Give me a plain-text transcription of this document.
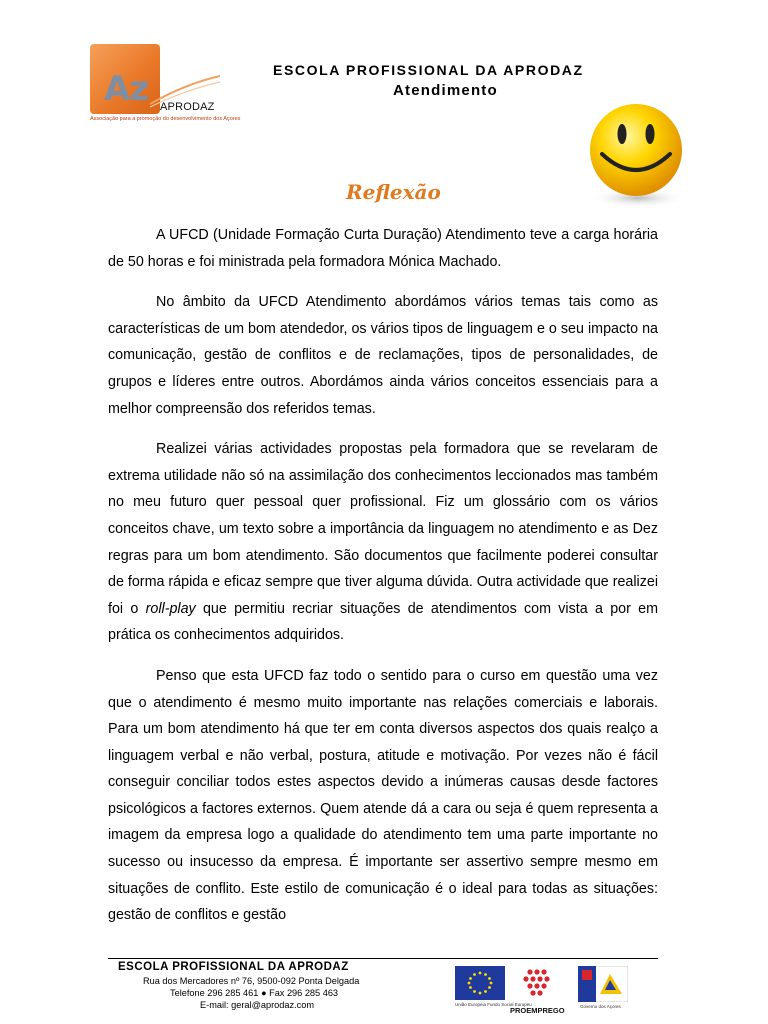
Az APRODAZ
Associação para a promoção do desenvolvimento dos Açores
ESCOLA PROFISSIONAL DA APRODAZ
Atendimento
Reflexão

A UFCD (Unidade Formação Curta Duração) Atendimento teve a carga horária de 50 horas e foi ministrada pela formadora Mónica Machado.

No âmbito da UFCD Atendimento abordámos vários temas tais como as características de um bom atendedor, os vários tipos de linguagem e o seu impacto na comunicação, gestão de conflitos e de reclamações, tipos de personalidades, de grupos e líderes entre outros. Abordámos ainda vários conceitos essenciais para a melhor compreensão dos referidos temas.

Realizei várias actividades propostas pela formadora que se revelaram de extrema utilidade não só na assimilação dos conhecimentos leccionados mas também no meu futuro quer pessoal quer profissional. Fiz um glossário com os vários conceitos chave, um texto sobre a importância da linguagem no atendimento e as Dez regras para um bom atendimento. São documentos que facilmente poderei consultar de forma rápida e eficaz sempre que tiver alguma dúvida. Outra actividade que realizei foi o roll-play que permitiu recriar situações de atendimentos com vista a por em prática os conhecimentos adquiridos.

Penso que esta UFCD faz todo o sentido para o curso em questão uma vez que o atendimento é mesmo muito importante nas relações comerciais e laborais. Para um bom atendimento há que ter em conta diversos aspectos dos quais realço a linguagem verbal e não verbal, postura, atitude e motivação. Por vezes não é fácil conseguir conciliar todos estes aspectos devido a inúmeras causas desde factores psicológicos a factores externos. Quem atende dá a cara ou seja é quem representa a imagem da empresa logo a qualidade do atendimento tem uma parte importante no sucesso ou insucesso da empresa. É importante ser assertivo sempre mesmo em situações de conflito. Este estilo de comunicação é o ideal para todas as situações: gestão de conflitos e gestão

ESCOLA PROFISSIONAL DA APRODAZ
Rua dos Mercadores nº 76, 9500-092 Ponta Delgada
Telefone 296 285 461 ● Fax 296 285 463
E-mail: geral@aprodaz.com	União Europeia Fundo Social Europeu
PROEMPREGO	Governo dos Açores
